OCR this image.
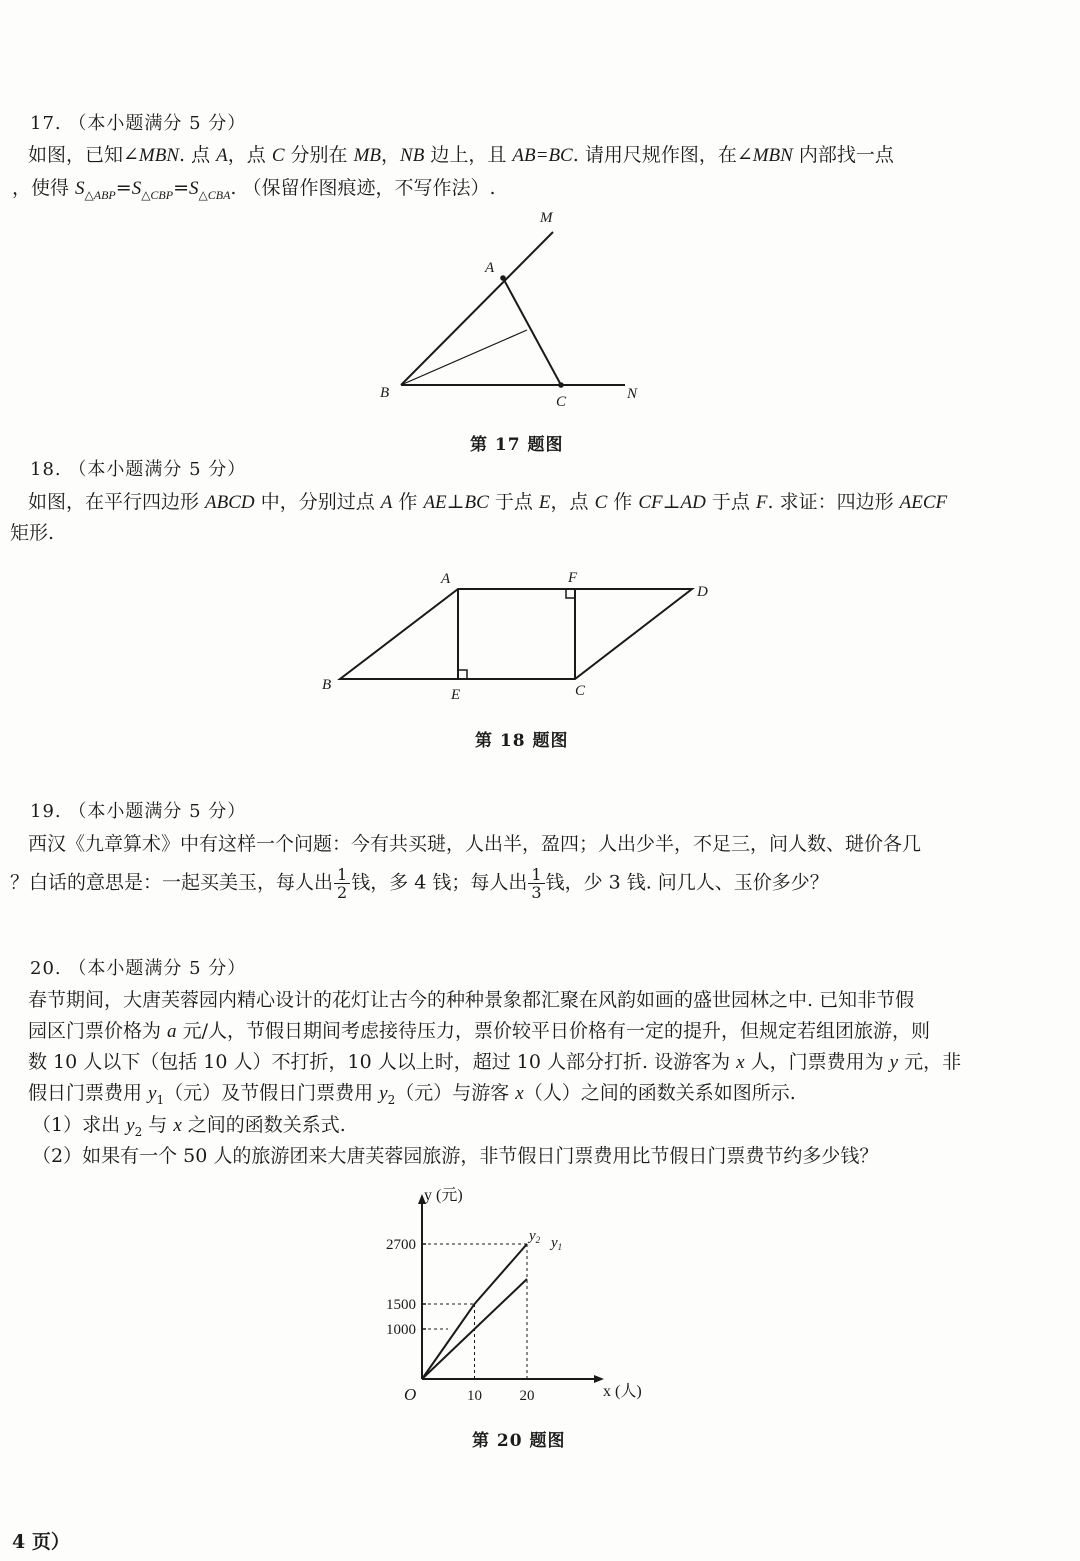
17. （本小题满分 5 分）
如图，已知∠MBN. 点 A，点 C 分别在 MB，NB 边上，且 AB=BC. 请用尺规作图，在∠MBN 内部找一点
，使得 $S_{\triangle ABP}=S_{\triangle CBP}=S_{\triangle CBA}$. （保留作图痕迹，不写作法）.
M
A
B
C	N
第 17 题图
18. （本小题满分 5 分）
如图，在平行四边形 ABCD 中，分别过点 A 作 AE⊥BC 于点 E，点 C 作 CF⊥AD 于点 F. 求证：四边形 AECF
矩形.
A	F
D
B
E	C
第 18 题图
19. （本小题满分 5 分）
西汉《九章算术》中有这样一个问题：今有共买琎，人出半，盈四；人出少半，不足三，问人数、琎价各几
？白话的意思是：一起买美玉，每人出 $\frac{1}{2}$ 钱，多 4 钱；每人出 $\frac{1}{3}$ 钱，少 3 钱. 问几人、玉价多少？
20. （本小题满分 5 分）
春节期间，大唐芙蓉园内精心设计的花灯让古今的种种景象都汇聚在风韵如画的盛世园林之中. 已知非节假
园区门票价格为 a 元/人，节假日期间考虑接待压力，票价较平日价格有一定的提升，但规定若组团旅游，则
数 10 人以下（包括 10 人）不打折，10 人以上时，超过 10 人部分打折. 设游客为 x 人，门票费用为 y 元，非
假日门票费用 $y_1$（元）及节假日门票费用 $y_2$（元）与游客 x（人）之间的函数关系如图所示.
（1）求出 $y_2$ 与 x 之间的函数关系式.
（2）如果有一个 50 人的旅游团来大唐芙蓉园旅游，非节假日门票费用比节假日门票费节约多少钱？
y (元)
x (人)
O	10	20
1000
1500
2700
$y_2$ $y_1$
第 20 题图
4 页）
